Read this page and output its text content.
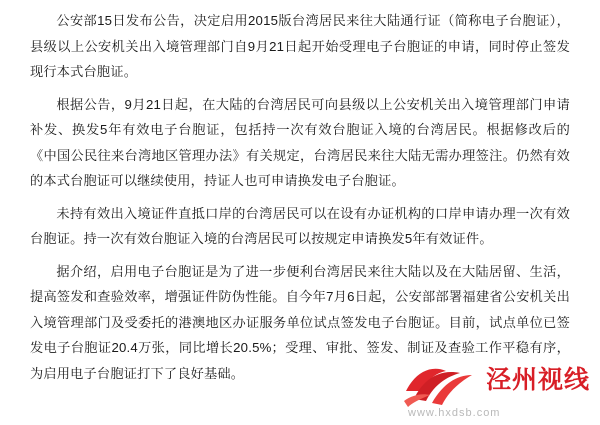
公安部15日发布公告，决定启用2015版台湾居民来往大陆通行证（简称电子台胞证），县级以上公安机关出入境管理部门自9月21日起开始受理电子台胞证的申请，同时停止签发现行本式台胞证。

根据公告，9月21日起，在大陆的台湾居民可向县级以上公安机关出入境管理部门申请补发、换发5年有效电子台胞证，包括持一次有效台胞证入境的台湾居民。根据修改后的《中国公民往来台湾地区管理办法》有关规定，台湾居民来往大陆无需办理签注。仍然有效的本式台胞证可以继续使用，持证人也可申请换发电子台胞证。

未持有效出入境证件直抵口岸的台湾居民可以在设有办证机构的口岸申请办理一次有效台胞证。持一次有效台胞证入境的台湾居民可以按规定申请换发5年有效证件。

据介绍，启用电子台胞证是为了进一步便利台湾居民来往大陆以及在大陆居留、生活，提高签发和查验效率，增强证件防伪性能。自今年7月6日起，公安部部署福建省公安机关出入境管理部门及受委托的港澳地区办证服务单位试点签发电子台胞证。目前，试点单位已签发电子台胞证20.4万张，同比增长20.5%；受理、审批、签发、制证及查验工作平稳有序，为启用电子台胞证打下了良好基础。	泾州视线
www.hxdsb.com
